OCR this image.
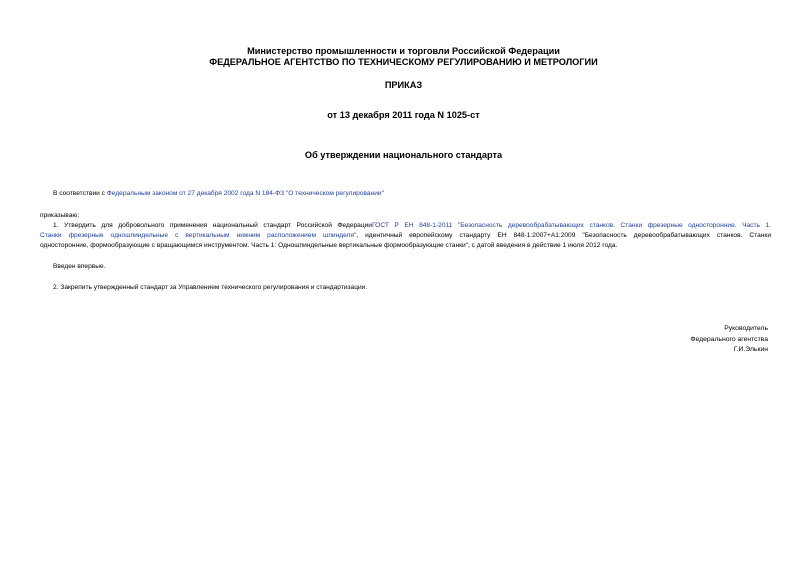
Министерство промышленности и торговли Российской Федерации
ФЕДЕРАЛЬНОЕ АГЕНТСТВО ПО ТЕХНИЧЕСКОМУ РЕГУЛИРОВАНИЮ И МЕТРОЛОГИИ
ПРИКАЗ
от 13 декабря 2011 года N 1025-ст
Об утверждении национального стандарта
В соответствии с Федеральным законом от 27 декабря 2002 года N 184-ФЗ "О техническом регулировании"
приказываю:
1. Утвердить для добровольного применения национальный стандарт Российской ФедерацииГОСТ Р ЕН 848-1-2011 "Безопасность деревообрабатывающих станков. Станки фрезерные односторонние. Часть 1.
Станки фрезерные одношпиндельные с вертикальным нижним расположением шпинделя", идентичный европейскому стандарту ЕН 848-1:2007+А1:2009 "Безопасность деревообрабатывающих станков. Станки
односторонние, формообразующие с вращающимся инструментом. Часть 1: Одношпиндельные вертикальные формообразующие станки", с датой введения в действие 1 июля 2012 года.
Введен впервые.
2. Закрепить утвержденный стандарт за Управлением технического регулирования и стандартизации.
Руководитель
Федерального агентства
Г.И.Элькин
